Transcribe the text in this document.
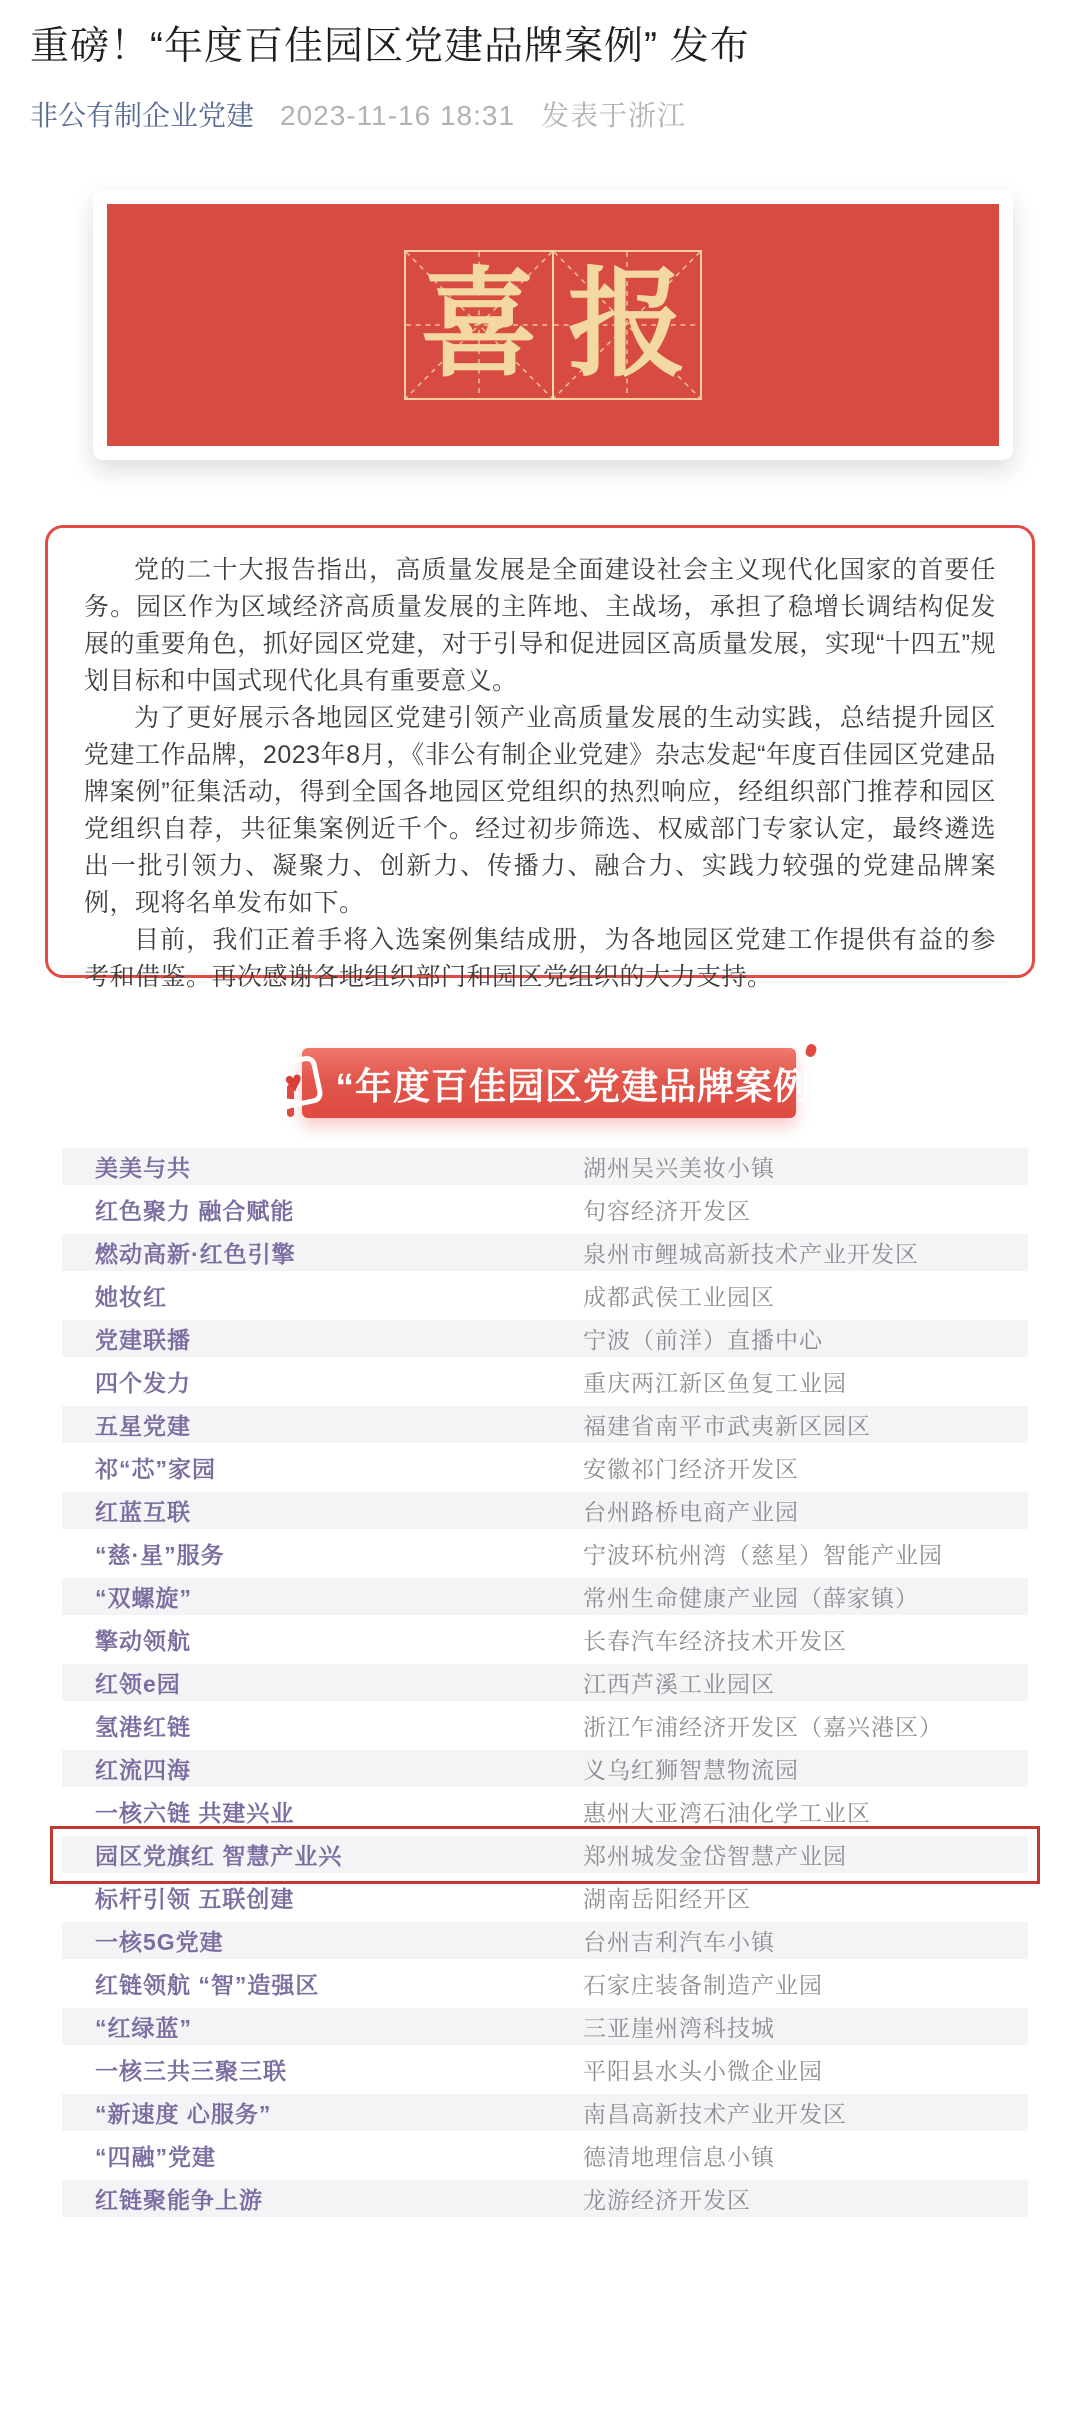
重磅！“年度百佳园区党建品牌案例” 发布
非公有制企业党建 2023-11-16 18:31 发表于浙江
喜 报

党的二十大报告指出，高质量发展是全面建设社会主义现代化国家的首要任务。园区作为区域经济高质量发展的主阵地、主战场，承担了稳增长调结构促发展的重要角色，抓好园区党建，对于引导和促进园区高质量发展，实现“十四五”规划目标和中国式现代化具有重要意义。

为了更好展示各地园区党建引领产业高质量发展的生动实践，总结提升园区党建工作品牌，2023年8月，《非公有制企业党建》杂志发起“年度百佳园区党建品牌案例”征集活动，得到全国各地园区党组织的热烈响应，经组织部门推荐和园区党组织自荐，共征集案例近千个。经过初步筛选、权威部门专家认定，最终遴选出一批引领力、凝聚力、创新力、传播力、融合力、实践力较强的党建品牌案例，现将名单发布如下。

目前，我们正着手将入选案例集结成册，为各地园区党建工作提供有益的参考和借鉴。再次感谢各地组织部门和园区党组织的大力支持。

♥ “年度百佳园区党建品牌案例”
美美与共	湖州吴兴美妆小镇
红色聚力 融合赋能	句容经济开发区
燃动高新·红色引擎	泉州市鲤城高新技术产业开发区
她妆红	成都武侯工业园区
党建联播	宁波（前洋）直播中心
四个发力	重庆两江新区鱼复工业园
五星党建	福建省南平市武夷新区园区
祁“芯”家园	安徽祁门经济开发区
红蓝互联	台州路桥电商产业园
“慈·星”服务	宁波环杭州湾（慈星）智能产业园
“双螺旋”	常州生命健康产业园（薛家镇）
擎动领航	长春汽车经济技术开发区
红领e园	江西芦溪工业园区
氢港红链	浙江乍浦经济开发区（嘉兴港区）
红流四海	义乌红狮智慧物流园
一核六链 共建兴业	惠州大亚湾石油化学工业区
园区党旗红 智慧产业兴	郑州城发金岱智慧产业园
标杆引领 五联创建	湖南岳阳经开区
一核5G党建	台州吉利汽车小镇
红链领航 “智”造强区	石家庄装备制造产业园
“红绿蓝”	三亚崖州湾科技城
一核三共三聚三联	平阳县水头小微企业园
“新速度 心服务”	南昌高新技术产业开发区
“四融”党建	德清地理信息小镇
红链聚能争上游	龙游经济开发区
